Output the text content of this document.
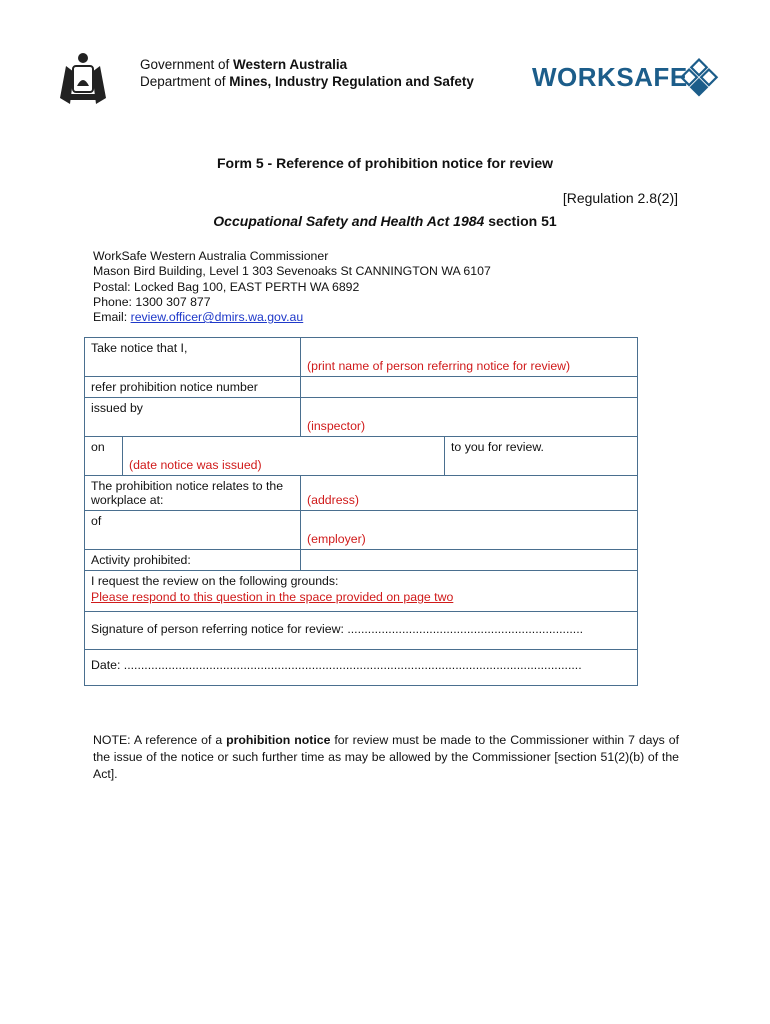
Government of Western Australia
Department of Mines, Industry Regulation and Safety WORKSAFE
Form 5 - Reference of prohibition notice for review
[Regulation 2.8(2)]
Occupational Safety and Health Act 1984 section 51
WorkSafe Western Australia Commissioner
Mason Bird Building, Level 1 303 Sevenoaks St CANNINGTON WA 6107
Postal: Locked Bag 100, EAST PERTH WA 6892
Phone: 1300 307 877
Email: review.officer@dmirs.wa.gov.au
Take notice that I,		(print name of person referring notice for review)	
refer prohibition notice number			
issued by		(inspector)	
on	(date notice was issued)		to you for review.
The prohibition notice relates to the workplace at:		(address)	
of		(employer)	
Activity prohibited:			

I request the review on the following grounds:
Please respond to this question in the space provided on page two			

Signature of person referring notice for review: .....................................................................			
Date: ......................................................................................................................................			
NOTE: A reference of a prohibition notice for review must be made to the Commissioner within 7 days of the issue of the notice or such further time as may be allowed by the Commissioner [section 51(2)(b) of the Act].
